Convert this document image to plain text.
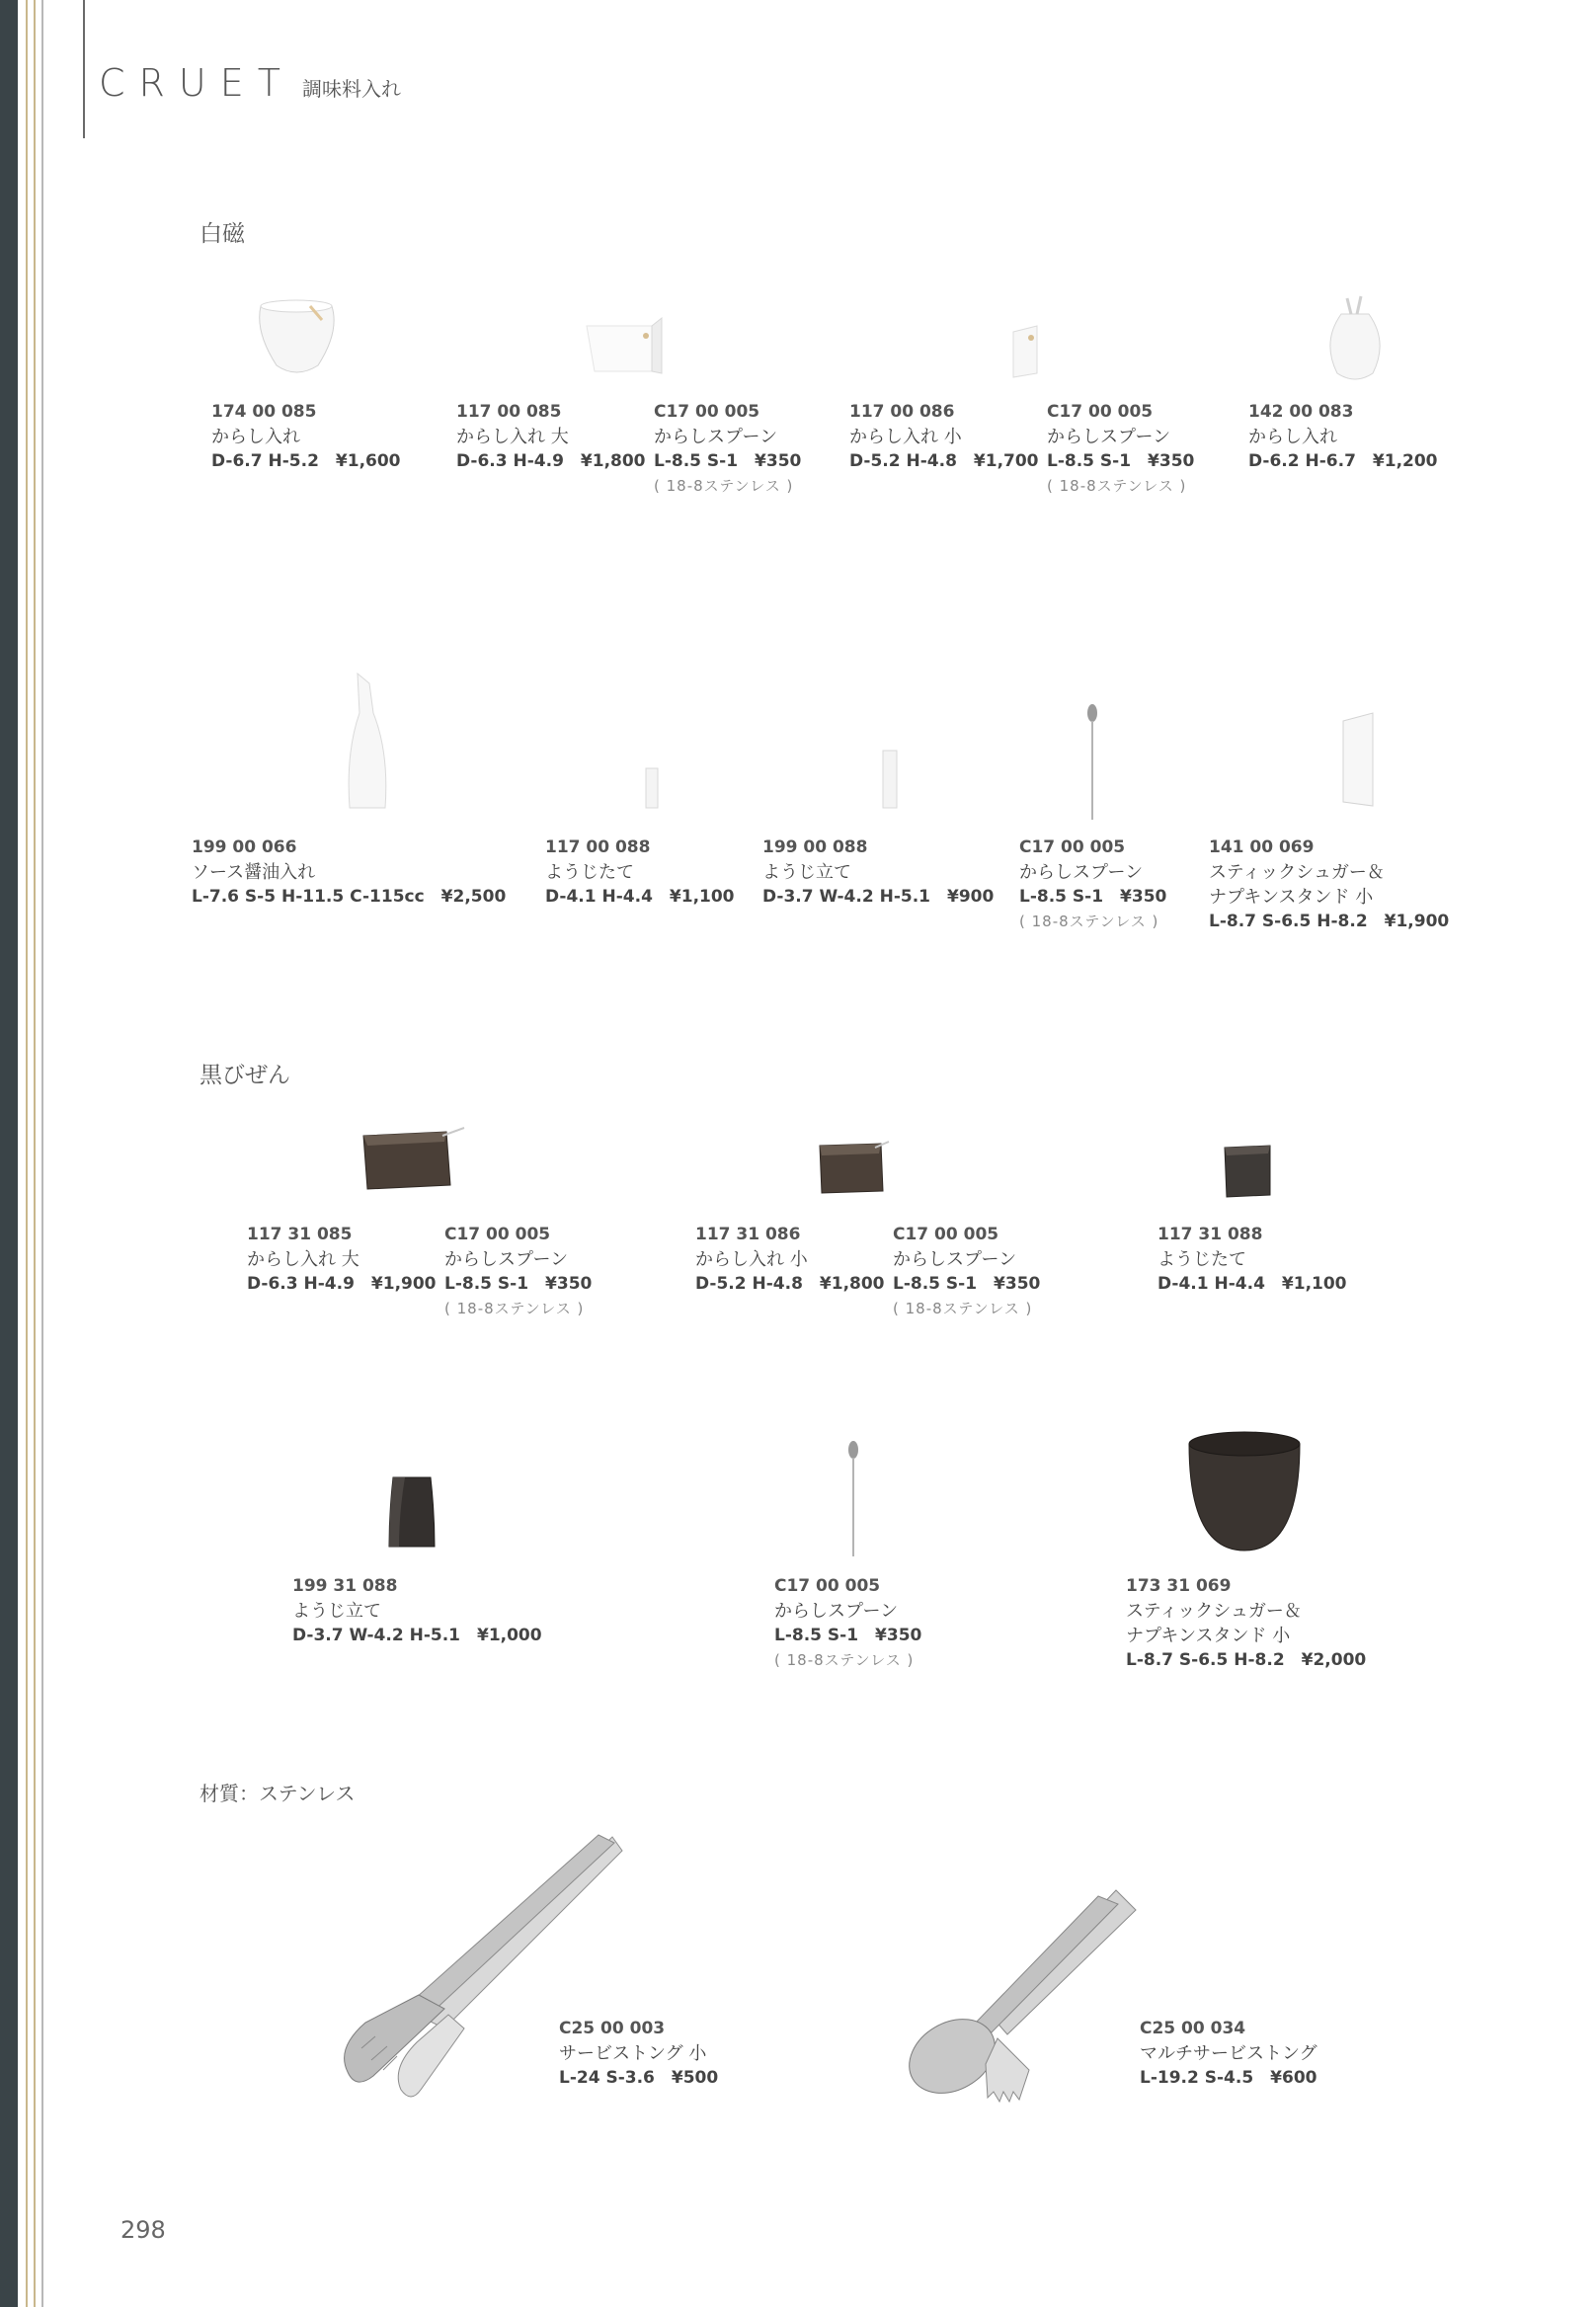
CRUET 調味料入れ
白磁
174 00 085
からし入れ
D-6.7 H-5.2　¥1,600
117 00 085
からし入れ 大
D-6.3 H-4.9　¥1,800
C17 00 005
からしスプーン
L-8.5 S-1　¥350
( 18-8ステンレス )
117 00 086
からし入れ 小
D-5.2 H-4.8　¥1,700
C17 00 005
からしスプーン
L-8.5 S-1　¥350
( 18-8ステンレス )
142 00 083
からし入れ
D-6.2 H-6.7　¥1,200
199 00 066
ソース醤油入れ
L-7.6 S-5 H-11.5 C-115cc　¥2,500
117 00 088
ようじたて
D-4.1 H-4.4　¥1,100
199 00 088
ようじ立て
D-3.7 W-4.2 H-5.1　¥900
C17 00 005
からしスプーン
L-8.5 S-1　¥350
( 18-8ステンレス )
141 00 069
スティックシュガー＆
ナプキンスタンド 小
L-8.7 S-6.5 H-8.2　¥1,900
黒びぜん
117 31 085
からし入れ 大
D-6.3 H-4.9　¥1,900
C17 00 005
からしスプーン
L-8.5 S-1　¥350
( 18-8ステンレス )
117 31 086
からし入れ 小
D-5.2 H-4.8　¥1,800
C17 00 005
からしスプーン
L-8.5 S-1　¥350
( 18-8ステンレス )
117 31 088
ようじたて
D-4.1 H-4.4　¥1,100
199 31 088
ようじ立て
D-3.7 W-4.2 H-5.1　¥1,000
C17 00 005
からしスプーン
L-8.5 S-1　¥350
( 18-8ステンレス )
173 31 069
スティックシュガー＆
ナプキンスタンド 小
L-8.7 S-6.5 H-8.2　¥2,000
材質：ステンレス
C25 00 003
サービストング 小
L-24 S-3.6　¥500
C25 00 034
マルチサービストング
L-19.2 S-4.5　¥600
298
